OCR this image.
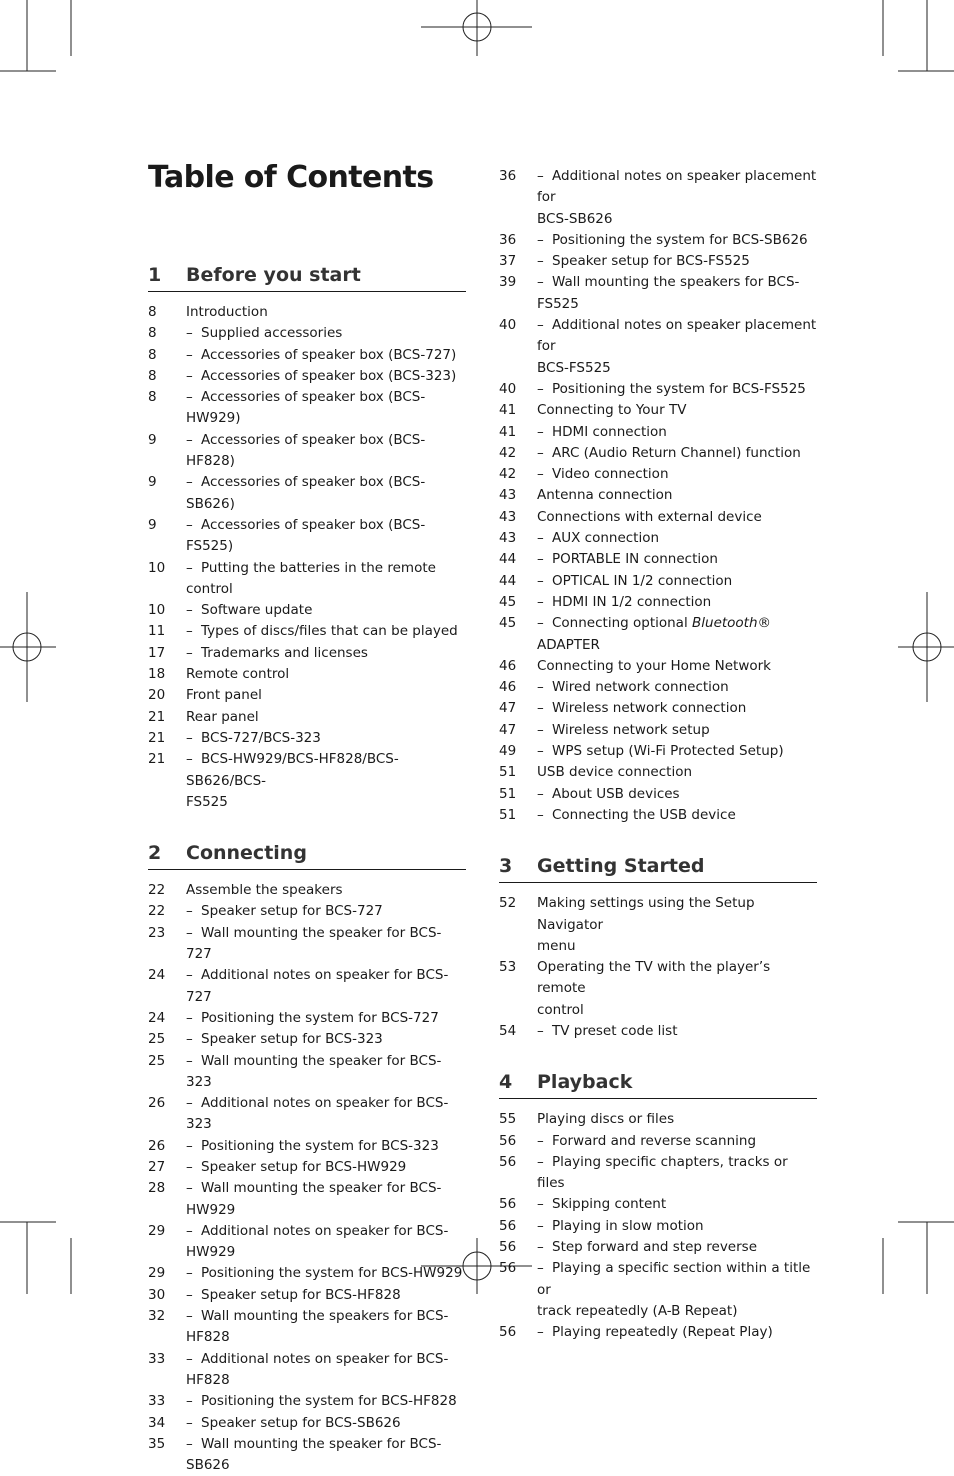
Table of Contents
1	Before you start
8	Introduction
8	– Supplied accessories
8	– Accessories of speaker box (BCS-727)
8	– Accessories of speaker box (BCS-323)
8	– Accessories of speaker box (BCS-HW929)
9	– Accessories of speaker box (BCS-HF828)
9	– Accessories of speaker box (BCS-SB626)
9	– Accessories of speaker box (BCS-FS525)
10	– Putting the batteries in the remote control
10	– Software update
11	– Types of discs/files that can be played
17	– Trademarks and licenses
18	Remote control
20	Front panel
21	Rear panel
21	– BCS-727/BCS-323
21	– BCS-HW929/BCS-HF828/BCS-SB626/BCS-
FS525
2	Connecting
22	Assemble the speakers
22	– Speaker setup for BCS-727
23	– Wall mounting the speaker for BCS-727
24	– Additional notes on speaker for BCS-727
24	– Positioning the system for BCS-727
25	– Speaker setup for BCS-323
25	– Wall mounting the speaker for BCS-323
26	– Additional notes on speaker for BCS-323
26	– Positioning the system for BCS-323
27	– Speaker setup for BCS-HW929
28	– Wall mounting the speaker for BCS-HW929
29	– Additional notes on speaker for BCS-HW929
29	– Positioning the system for BCS-HW929
30	– Speaker setup for BCS-HF828
32	– Wall mounting the speakers for BCS-HF828
33	– Additional notes on speaker for BCS-HF828
33	– Positioning the system for BCS-HF828
34	– Speaker setup for BCS-SB626
35	– Wall mounting the speaker for BCS-SB626
36	– Additional notes on speaker placement for
BCS-SB626
36	– Positioning the system for BCS-SB626
37	– Speaker setup for BCS-FS525
39	– Wall mounting the speakers for BCS-FS525
40	– Additional notes on speaker placement for
BCS-FS525
40	– Positioning the system for BCS-FS525
41	Connecting to Your TV
41	– HDMI connection
42	– ARC (Audio Return Channel) function
42	– Video connection
43	Antenna connection
43	Connections with external device
43	– AUX connection
44	– PORTABLE IN connection
44	– OPTICAL IN 1/2 connection
45	– HDMI IN 1/2 connection
45	– Connecting optional Bluetooth® ADAPTER
46	Connecting to your Home Network
46	– Wired network connection
47	– Wireless network connection
47	– Wireless network setup
49	– WPS setup (Wi-Fi Protected Setup)
51	USB device connection
51	– About USB devices
51	– Connecting the USB device
3	Getting Started
52	Making settings using the Setup Navigator
menu
53	Operating the TV with the player’s remote
control
54	– TV preset code list
4	Playback
55	Playing discs or files
56	– Forward and reverse scanning
56	– Playing specific chapters, tracks or files
56	– Skipping content
56	– Playing in slow motion
56	– Step forward and step reverse
56	– Playing a specific section within a title or
track repeatedly (A-B Repeat)
56	– Playing repeatedly (Repeat Play)
